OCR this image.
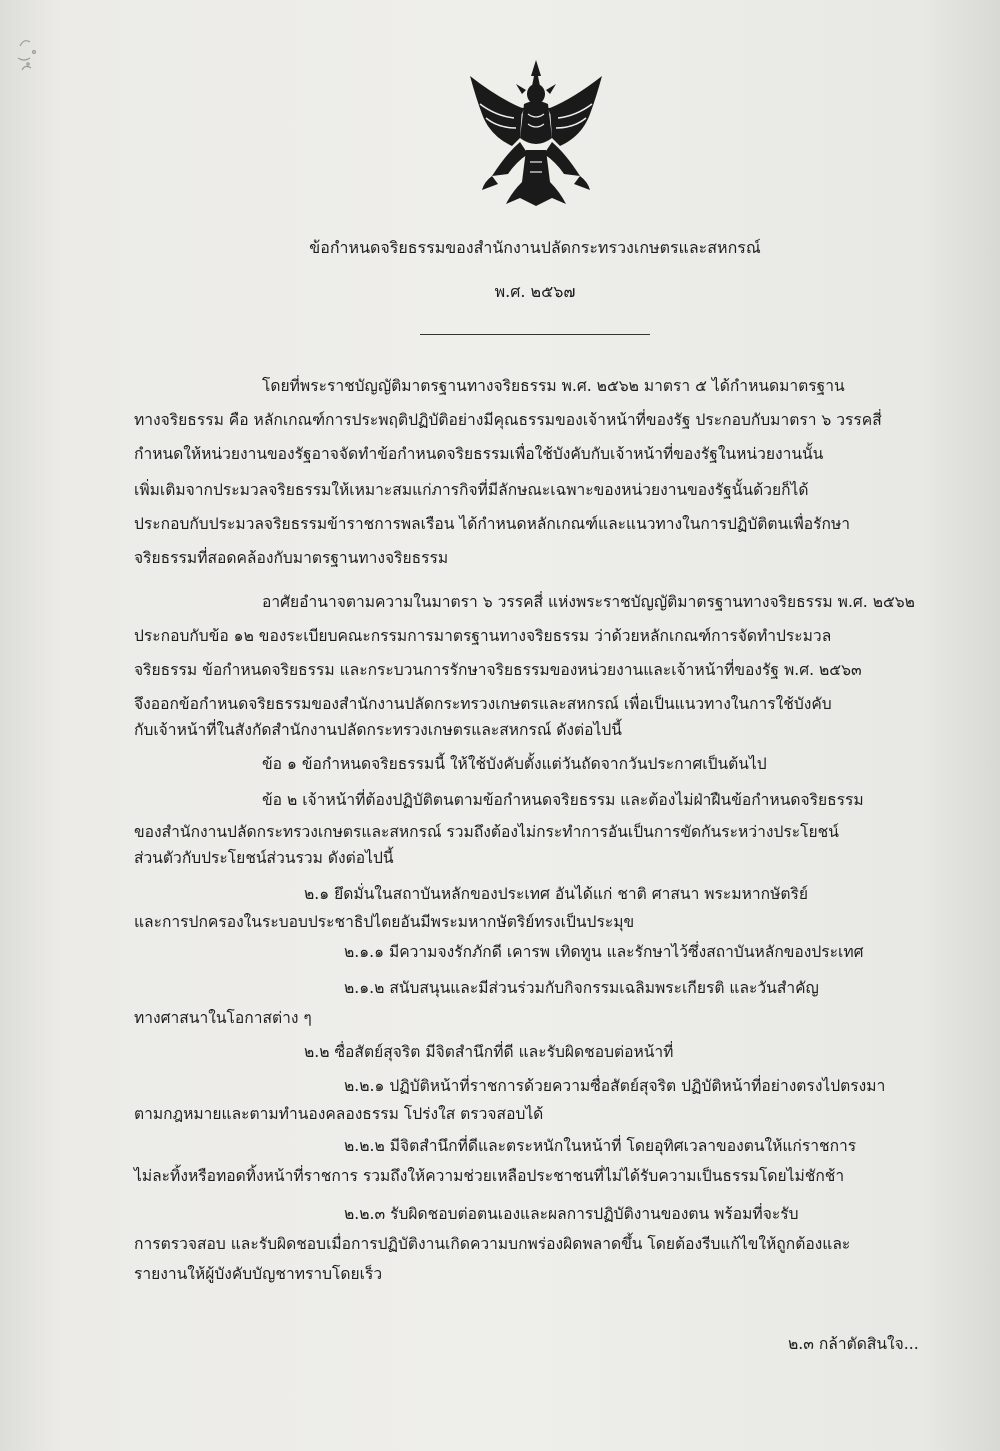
ข้อกำหนดจริยธรรมของสำนักงานปลัดกระทรวงเกษตรและสหกรณ์
พ.ศ. ๒๕๖๗
โดยที่พระราชบัญญัติมาตรฐานทางจริยธรรม พ.ศ. ๒๕๖๒ มาตรา ๕ ได้กำหนดมาตรฐาน
ทางจริยธรรม คือ หลักเกณฑ์การประพฤติปฏิบัติอย่างมีคุณธรรมของเจ้าหน้าที่ของรัฐ ประกอบกับมาตรา ๖ วรรคสี่
กำหนดให้หน่วยงานของรัฐอาจจัดทำข้อกำหนดจริยธรรมเพื่อใช้บังคับกับเจ้าหน้าที่ของรัฐในหน่วยงานนั้น
เพิ่มเติมจากประมวลจริยธรรมให้เหมาะสมแก่ภารกิจที่มีลักษณะเฉพาะของหน่วยงานของรัฐนั้นด้วยก็ได้
ประกอบกับประมวลจริยธรรมข้าราชการพลเรือน ได้กำหนดหลักเกณฑ์และแนวทางในการปฏิบัติตนเพื่อรักษา
จริยธรรมที่สอดคล้องกับมาตรฐานทางจริยธรรม
อาศัยอำนาจตามความในมาตรา ๖ วรรคสี่ แห่งพระราชบัญญัติมาตรฐานทางจริยธรรม พ.ศ. ๒๕๖๒
ประกอบกับข้อ ๑๒ ของระเบียบคณะกรรมการมาตรฐานทางจริยธรรม ว่าด้วยหลักเกณฑ์การจัดทำประมวล
จริยธรรม ข้อกำหนดจริยธรรม และกระบวนการรักษาจริยธรรมของหน่วยงานและเจ้าหน้าที่ของรัฐ พ.ศ. ๒๕๖๓
จึงออกข้อกำหนดจริยธรรมของสำนักงานปลัดกระทรวงเกษตรและสหกรณ์ เพื่อเป็นแนวทางในการใช้บังคับ
กับเจ้าหน้าที่ในสังกัดสำนักงานปลัดกระทรวงเกษตรและสหกรณ์ ดังต่อไปนี้
ข้อ ๑ ข้อกำหนดจริยธรรมนี้ ให้ใช้บังคับตั้งแต่วันถัดจากวันประกาศเป็นต้นไป
ข้อ ๒ เจ้าหน้าที่ต้องปฏิบัติตนตามข้อกำหนดจริยธรรม และต้องไม่ฝ่าฝืนข้อกำหนดจริยธรรม
ของสำนักงานปลัดกระทรวงเกษตรและสหกรณ์ รวมถึงต้องไม่กระทำการอันเป็นการขัดกันระหว่างประโยชน์
ส่วนตัวกับประโยชน์ส่วนรวม ดังต่อไปนี้
๒.๑ ยึดมั่นในสถาบันหลักของประเทศ อันได้แก่ ชาติ ศาสนา พระมหากษัตริย์
และการปกครองในระบอบประชาธิปไตยอันมีพระมหากษัตริย์ทรงเป็นประมุข
๒.๑.๑ มีความจงรักภักดี เคารพ เทิดทูน และรักษาไว้ซึ่งสถาบันหลักของประเทศ
๒.๑.๒ สนับสนุนและมีส่วนร่วมกับกิจกรรมเฉลิมพระเกียรติ และวันสำคัญ
ทางศาสนาในโอกาสต่าง ๆ
๒.๒ ซื่อสัตย์สุจริต มีจิตสำนึกที่ดี และรับผิดชอบต่อหน้าที่
๒.๒.๑ ปฏิบัติหน้าที่ราชการด้วยความซื่อสัตย์สุจริต ปฏิบัติหน้าที่อย่างตรงไปตรงมา
ตามกฎหมายและตามทำนองคลองธรรม โปร่งใส ตรวจสอบได้
๒.๒.๒ มีจิตสำนึกที่ดีและตระหนักในหน้าที่ โดยอุทิศเวลาของตนให้แก่ราชการ
ไม่ละทิ้งหรือทอดทิ้งหน้าที่ราชการ รวมถึงให้ความช่วยเหลือประชาชนที่ไม่ได้รับความเป็นธรรมโดยไม่ชักช้า
๒.๒.๓ รับผิดชอบต่อตนเองและผลการปฏิบัติงานของตน พร้อมที่จะรับ
การตรวจสอบ และรับผิดชอบเมื่อการปฏิบัติงานเกิดความบกพร่องผิดพลาดขึ้น โดยต้องรีบแก้ไขให้ถูกต้องและ
รายงานให้ผู้บังคับบัญชาทราบโดยเร็ว
๒.๓ กล้าตัดสินใจ...
